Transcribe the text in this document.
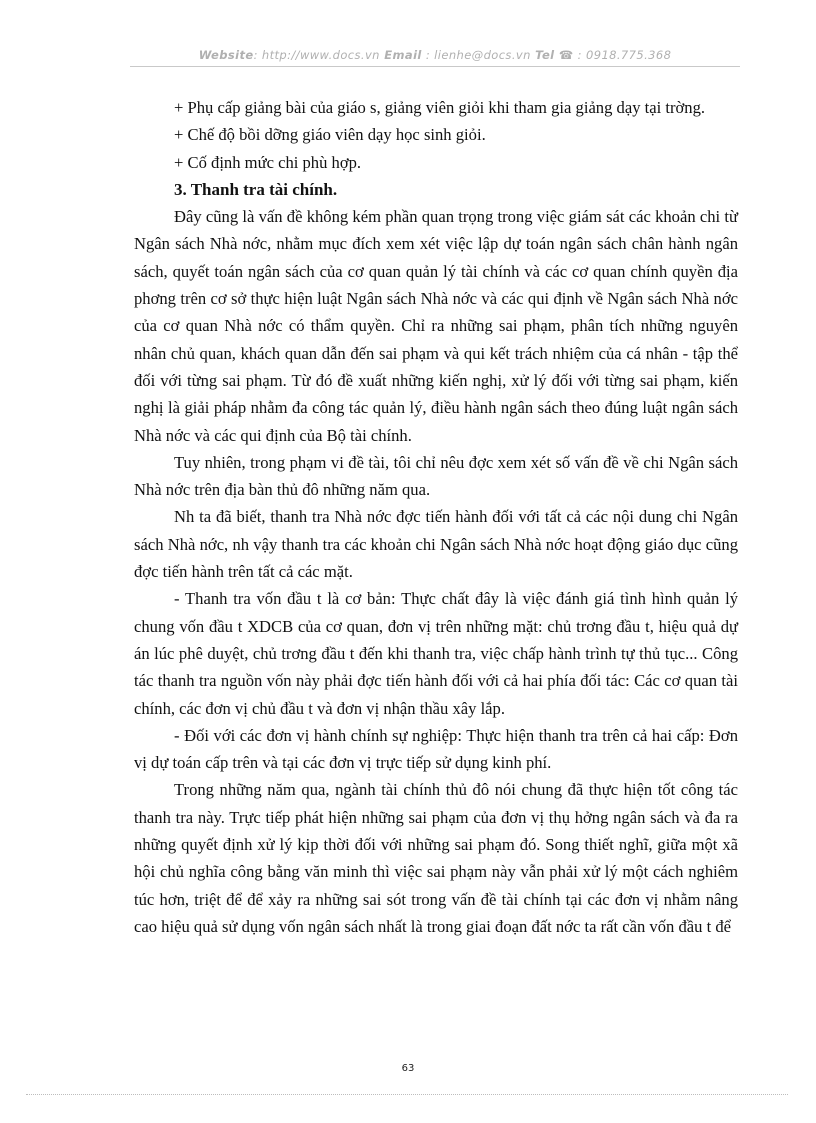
Website: http://www.docs.vn Email : lienhe@docs.vn Tel ☎ : 0918.775.368

+ Phụ cấp giảng bài của giáo s, giảng viên giỏi khi tham gia giảng dạy tại trờng.

+ Chế độ bồi dỡng giáo viên dạy học sinh giỏi.

+ Cố định mức chi phù hợp.

3. Thanh tra tài chính.

Đây cũng là vấn đề không kém phần quan trọng trong việc giám sát các khoản chi từ Ngân sách Nhà nớc, nhằm mục đích xem xét việc lập dự toán ngân sách chân hành ngân sách, quyết toán ngân sách của cơ quan quản lý tài chính và các cơ quan chính quyền địa phơng trên cơ sở thực hiện luật Ngân sách Nhà nớc và các qui định về Ngân sách Nhà nớc của cơ quan Nhà nớc có thẩm quyền. Chỉ ra những sai phạm, phân tích những nguyên nhân chủ quan, khách quan dẫn đến sai phạm và qui kết trách nhiệm của cá nhân - tập thể đối với từng sai phạm. Từ đó đề xuất những kiến nghị, xử lý đối với từng sai phạm, kiến nghị là giải pháp nhằm đa công tác quản lý, điều hành ngân sách theo đúng luật ngân sách Nhà nớc và các qui định của Bộ tài chính.

Tuy nhiên, trong phạm vi đề tài, tôi chỉ nêu đợc xem xét số vấn đề về chi Ngân sách Nhà nớc trên địa bàn thủ đô những năm qua.

Nh ta đã biết, thanh tra Nhà nớc đợc tiến hành đối với tất cả các nội dung chi Ngân sách Nhà nớc, nh vậy thanh tra các khoản chi Ngân sách Nhà nớc hoạt động giáo dục cũng đợc tiến hành trên tất cả các mặt.

- Thanh tra vốn đầu t là cơ bản: Thực chất đây là việc đánh giá tình hình quản lý chung vốn đầu t XDCB của cơ quan, đơn vị trên những mặt: chủ trơng đầu t, hiệu quả dự án lúc phê duyệt, chủ trơng đầu t đến khi thanh tra, việc chấp hành trình tự thủ tục... Công tác thanh tra nguồn vốn này phải đợc tiến hành đối với cả hai phía đối tác: Các cơ quan tài chính, các đơn vị chủ đầu t và đơn vị nhận thầu xây lắp.

- Đối với các đơn vị hành chính sự nghiệp: Thực hiện thanh tra trên cả hai cấp: Đơn vị dự toán cấp trên và tại các đơn vị trực tiếp sử dụng kinh phí.

Trong những năm qua, ngành tài chính thủ đô nói chung đã thực hiện tốt công tác thanh tra này. Trực tiếp phát hiện những sai phạm của đơn vị thụ hởng ngân sách và đa ra những quyết định xử lý kịp thời đối với những sai phạm đó. Song thiết nghĩ, giữa một xã hội chủ nghĩa công bằng văn minh thì việc sai phạm này vẫn phải xử lý một cách nghiêm túc hơn, triệt để để xảy ra những sai sót trong vấn đề tài chính tại các đơn vị nhằm nâng cao hiệu quả sử dụng vốn ngân sách nhất là trong giai đoạn đất nớc ta rất cần vốn đầu t để

63
